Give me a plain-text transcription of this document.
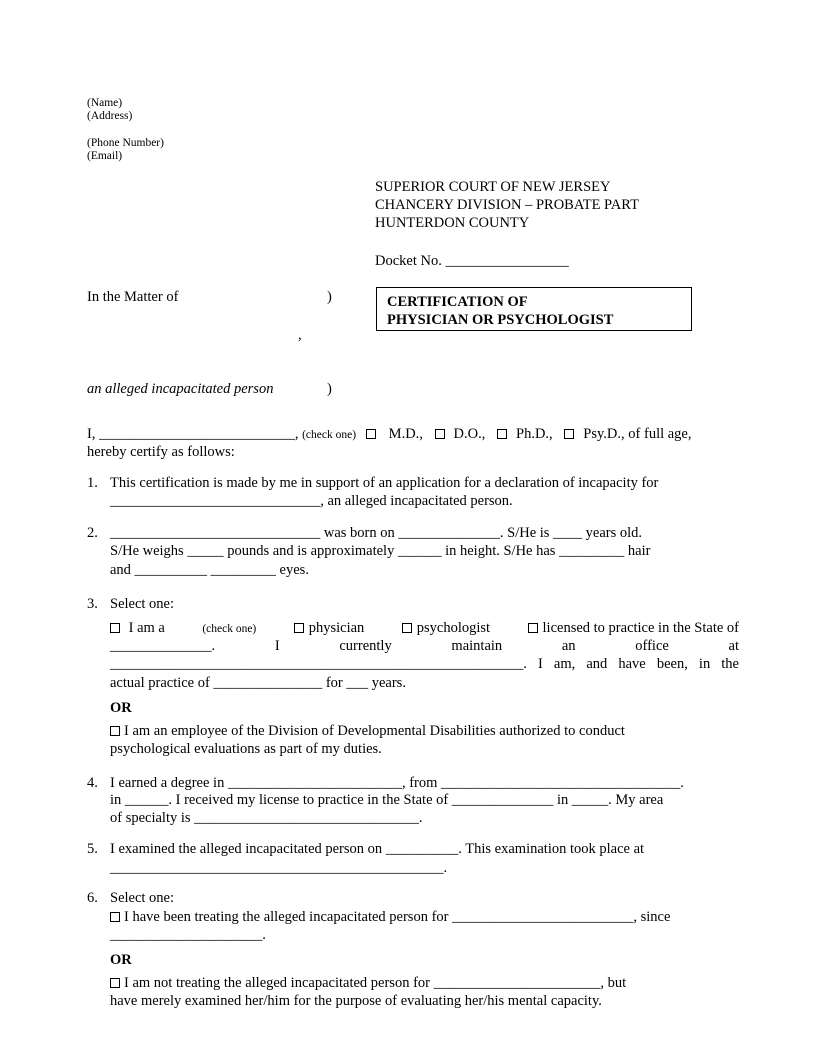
(Name)
(Address)
(Phone Number)
(Email)
SUPERIOR COURT OF NEW JERSEY
CHANCERY DIVISION – PROBATE PART
HUNTERDON COUNTY
Docket No. _________________
In the Matter of	)
,
an alleged incapacitated person	)
CERTIFICATION OF
PHYSICIAN OR PSYCHOLOGIST
I, ___________________________, (check one) M.D., D.O., Ph.D., Psy.D., of full age,
hereby certify as follows:
1. This certification is made by me in support of an application for a declaration of incapacity for
_____________________________, an alleged incapacitated person.
2. _____________________________ was born on ______________. S/He is ____ years old.
S/He weighs _____ pounds and is approximately ______ in height. S/He has _________ hair
and __________ _________ eyes.
3. Select one:
I am a	(check one)	physician	psychologist	licensed to practice in the State of
______________. I currently maintain an office at
_________________________________________________________. I am, and have been, in the
actual practice of _______________ for ___ years.
OR
I am an employee of the Division of Developmental Disabilities authorized to conduct
psychological evaluations as part of my duties.
4. I earned a degree in ________________________, from _________________________________.
in ______. I received my license to practice in the State of ______________ in _____. My area
of specialty is _______________________________.
5. I examined the alleged incapacitated person on __________. This examination took place at
______________________________________________.
6. Select one:
I have been treating the alleged incapacitated person for _________________________, since
_____________________.
OR
I am not treating the alleged incapacitated person for _______________________, but
have merely examined her/him for the purpose of evaluating her/his mental capacity.
